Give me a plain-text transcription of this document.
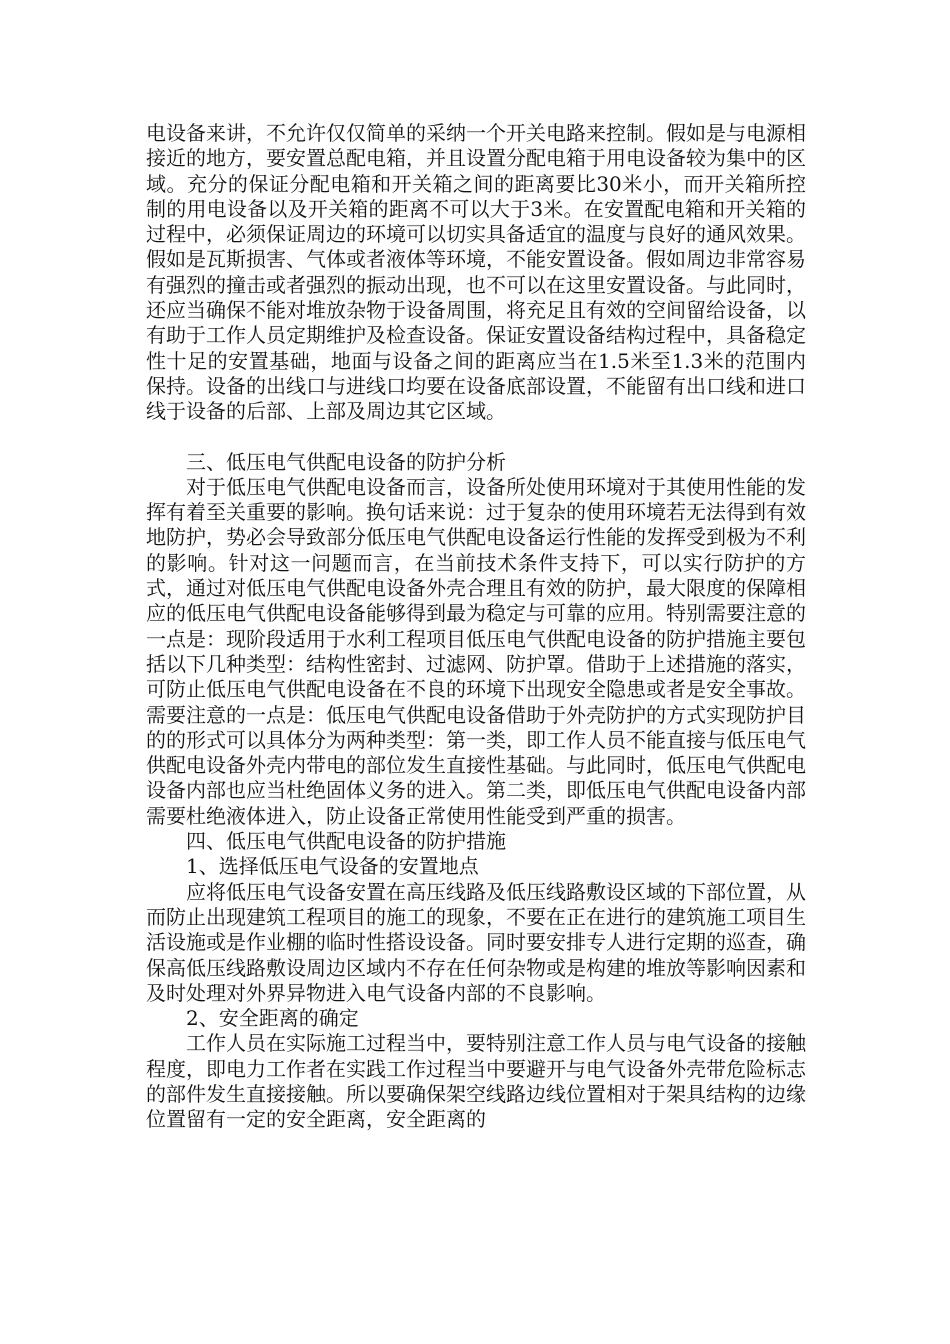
电设备来讲，不允许仅仅简单的采纳一个开关电路来控制。假如是与电源相接近的地方，要安置总配电箱，并且设置分配电箱于用电设备较为集中的区域。充分的保证分配电箱和开关箱之间的距离要比30米小，而开关箱所控制的用电设备以及开关箱的距离不可以大于3米。在安置配电箱和开关箱的过程中，必须保证周边的环境可以切实具备适宜的温度与良好的通风效果。假如是瓦斯损害、气体或者液体等环境，不能安置设备。假如周边非常容易有强烈的撞击或者强烈的振动出现，也不可以在这里安置设备。与此同时，还应当确保不能对堆放杂物于设备周围，将充足且有效的空间留给设备，以有助于工作人员定期维护及检查设备。保证安置设备结构过程中，具备稳定性十足的安置基础，地面与设备之间的距离应当在1.5米至1.3米的范围内保持。设备的出线口与进线口均要在设备底部设置，不能留有出口线和进口线于设备的后部、上部及周边其它区域。

三、低压电气供配电设备的防护分析

对于低压电气供配电设备而言，设备所处使用环境对于其使用性能的发挥有着至关重要的影响。换句话来说：过于复杂的使用环境若无法得到有效地防护，势必会导致部分低压电气供配电设备运行性能的发挥受到极为不利的影响。针对这一问题而言，在当前技术条件支持下，可以实行防护的方式，通过对低压电气供配电设备外壳合理且有效的防护，最大限度的保障相应的低压电气供配电设备能够得到最为稳定与可靠的应用。特别需要注意的一点是：现阶段适用于水利工程项目低压电气供配电设备的防护措施主要包括以下几种类型：结构性密封、过滤网、防护罩。借助于上述措施的落实，可防止低压电气供配电设备在不良的环境下出现安全隐患或者是安全事故。需要注意的一点是：低压电气供配电设备借助于外壳防护的方式实现防护目的的形式可以具体分为两种类型：第一类，即工作人员不能直接与低压电气供配电设备外壳内带电的部位发生直接性基础。与此同时，低压电气供配电设备内部也应当杜绝固体义务的进入。第二类，即低压电气供配电设备内部需要杜绝液体进入，防止设备正常使用性能受到严重的损害。

四、低压电气供配电设备的防护措施

1、选择低压电气设备的安置地点

应将低压电气设备安置在高压线路及低压线路敷设区域的下部位置，从而防止出现建筑工程项目的施工的现象，不要在正在进行的建筑施工项目生活设施或是作业棚的临时性搭设设备。同时要安排专人进行定期的巡查，确保高低压线路敷设周边区域内不存在任何杂物或是构建的堆放等影响因素和及时处理对外界异物进入电气设备内部的不良影响。

2、安全距离的确定

工作人员在实际施工过程当中，要特别注意工作人员与电气设备的接触程度，即电力工作者在实践工作过程当中要避开与电气设备外壳带危险标志的部件发生直接接触。所以要确保架空线路边线位置相对于架具结构的边缘位置留有一定的安全距离，安全距离的
